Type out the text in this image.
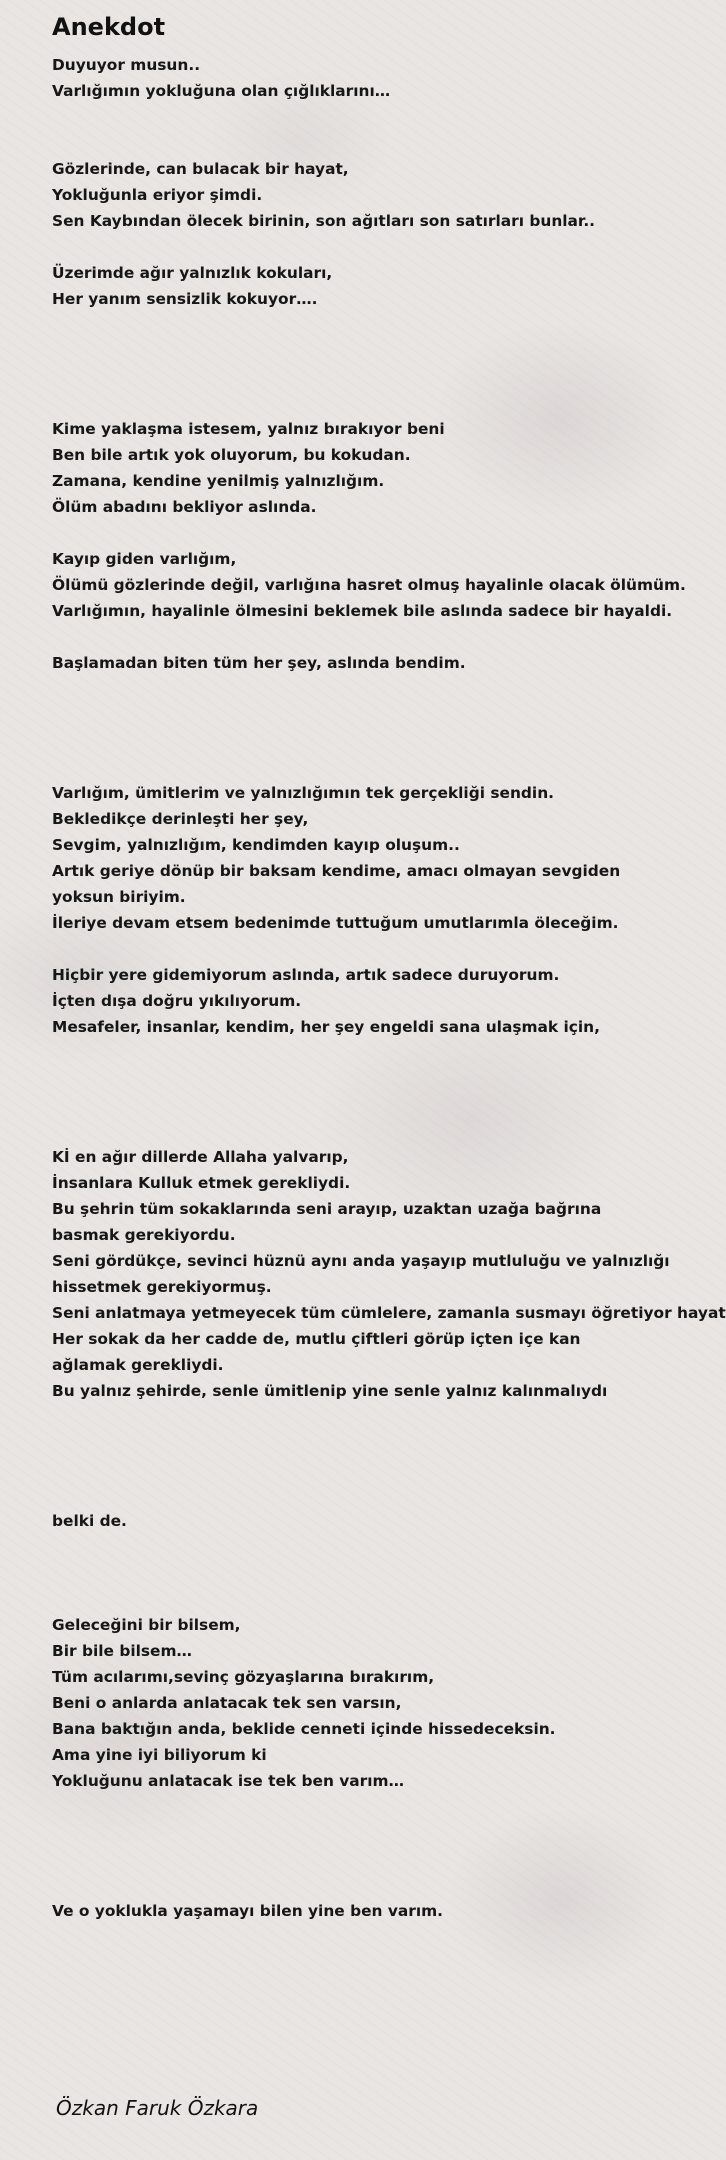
Anekdot
Duyuyor musun..
Varlığımın yokluğuna olan çığlıklarını…
Gözlerinde, can bulacak bir hayat,
Yokluğunla eriyor şimdi.
Sen Kaybından ölecek birinin, son ağıtları son satırları bunlar..
Üzerimde ağır yalnızlık kokuları,
Her yanım sensizlik kokuyor….
Kime yaklaşma istesem, yalnız bırakıyor beni
Ben bile artık yok oluyorum, bu kokudan.
Zamana, kendine yenilmiş yalnızlığım.
Ölüm abadını bekliyor aslında.
Kayıp giden varlığım,
Ölümü gözlerinde değil, varlığına hasret olmuş hayalinle olacak ölümüm.
Varlığımın, hayalinle ölmesini beklemek bile aslında sadece bir hayaldi.
Başlamadan biten tüm her şey, aslında bendim.
Varlığım, ümitlerim ve yalnızlığımın tek gerçekliği sendin.
Bekledikçe derinleşti her şey,
Sevgim, yalnızlığım, kendimden kayıp oluşum..
Artık geriye dönüp bir baksam kendime, amacı olmayan sevgiden
yoksun biriyim.
İleriye devam etsem bedenimde tuttuğum umutlarımla öleceğim.
Hiçbir yere gidemiyorum aslında, artık sadece duruyorum.
İçten dışa doğru yıkılıyorum.
Mesafeler, insanlar, kendim, her şey engeldi sana ulaşmak için,
Kİ en ağır dillerde Allaha yalvarıp,
İnsanlara Kulluk etmek gerekliydi.
Bu şehrin tüm sokaklarında seni arayıp, uzaktan uzağa bağrına
basmak gerekiyordu.
Seni gördükçe, sevinci hüznü aynı anda yaşayıp mutluluğu ve yalnızlığı
hissetmek gerekiyormuş.
Seni anlatmaya yetmeyecek tüm cümlelere, zamanla susmayı öğretiyor hayat
Her sokak da her cadde de, mutlu çiftleri görüp içten içe kan
ağlamak gerekliydi.
Bu yalnız şehirde, senle ümitlenip yine senle yalnız kalınmalıydı
belki de.
Geleceğini bir bilsem,
Bir bile bilsem…
Tüm acılarımı,sevinç gözyaşlarına bırakırım,
Beni o anlarda anlatacak tek sen varsın,
Bana baktığın anda, beklide cenneti içinde hissedeceksin.
Ama yine iyi biliyorum ki
Yokluğunu anlatacak ise tek ben varım…
Ve o yoklukla yaşamayı bilen yine ben varım.
Özkan Faruk Özkara
